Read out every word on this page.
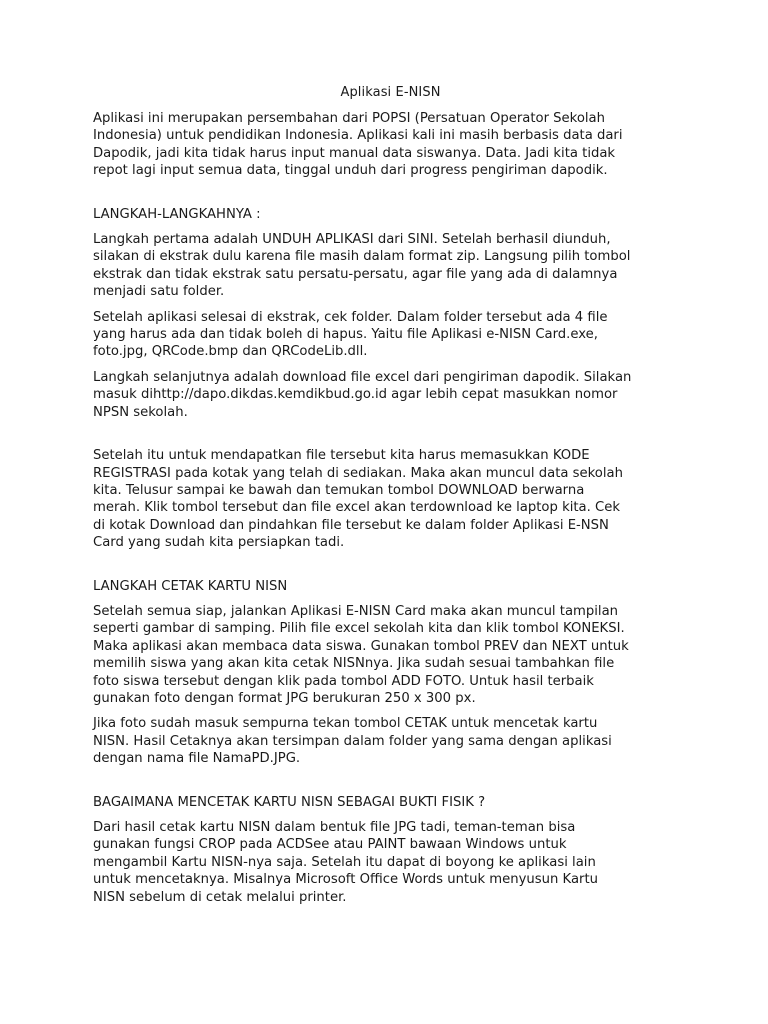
Aplikasi E-NISN

Aplikasi ini merupakan persembahan dari POPSI (Persatuan Operator Sekolah
Indonesia) untuk pendidikan Indonesia. Aplikasi kali ini masih berbasis data dari
Dapodik, jadi kita tidak harus input manual data siswanya. Data. Jadi kita tidak
repot lagi input semua data, tinggal unduh dari progress pengiriman dapodik.

LANGKAH-LANGKAHNYA :

Langkah pertama adalah UNDUH APLIKASI dari SINI. Setelah berhasil diunduh,
silakan di ekstrak dulu karena file masih dalam format zip. Langsung pilih tombol
ekstrak dan tidak ekstrak satu persatu-persatu, agar file yang ada di dalamnya
menjadi satu folder.

Setelah aplikasi selesai di ekstrak, cek folder. Dalam folder tersebut ada 4 file
yang harus ada dan tidak boleh di hapus. Yaitu file Aplikasi e-NISN Card.exe,
foto.jpg, QRCode.bmp dan QRCodeLib.dll.

Langkah selanjutnya adalah download file excel dari pengiriman dapodik. Silakan
masuk dihttp://dapo.dikdas.kemdikbud.go.id agar lebih cepat masukkan nomor
NPSN sekolah.

Setelah itu untuk mendapatkan file tersebut kita harus memasukkan KODE
REGISTRASI pada kotak yang telah di sediakan. Maka akan muncul data sekolah
kita. Telusur sampai ke bawah dan temukan tombol DOWNLOAD berwarna
merah. Klik tombol tersebut dan file excel akan terdownload ke laptop kita. Cek
di kotak Download dan pindahkan file tersebut ke dalam folder Aplikasi E-NSN
Card yang sudah kita persiapkan tadi.

LANGKAH CETAK KARTU NISN

Setelah semua siap, jalankan Aplikasi E-NISN Card maka akan muncul tampilan
seperti gambar di samping. Pilih file excel sekolah kita dan klik tombol KONEKSI.
Maka aplikasi akan membaca data siswa. Gunakan tombol PREV dan NEXT untuk
memilih siswa yang akan kita cetak NISNnya. Jika sudah sesuai tambahkan file
foto siswa tersebut dengan klik pada tombol ADD FOTO. Untuk hasil terbaik
gunakan foto dengan format JPG berukuran 250 x 300 px.

Jika foto sudah masuk sempurna tekan tombol CETAK untuk mencetak kartu
NISN. Hasil Cetaknya akan tersimpan dalam folder yang sama dengan aplikasi
dengan nama file NamaPD.JPG.

BAGAIMANA MENCETAK KARTU NISN SEBAGAI BUKTI FISIK ?

Dari hasil cetak kartu NISN dalam bentuk file JPG tadi, teman-teman bisa
gunakan fungsi CROP pada ACDSee atau PAINT bawaan Windows untuk
mengambil Kartu NISN-nya saja. Setelah itu dapat di boyong ke aplikasi lain
untuk mencetaknya. Misalnya Microsoft Office Words untuk menyusun Kartu
NISN sebelum di cetak melalui printer.
